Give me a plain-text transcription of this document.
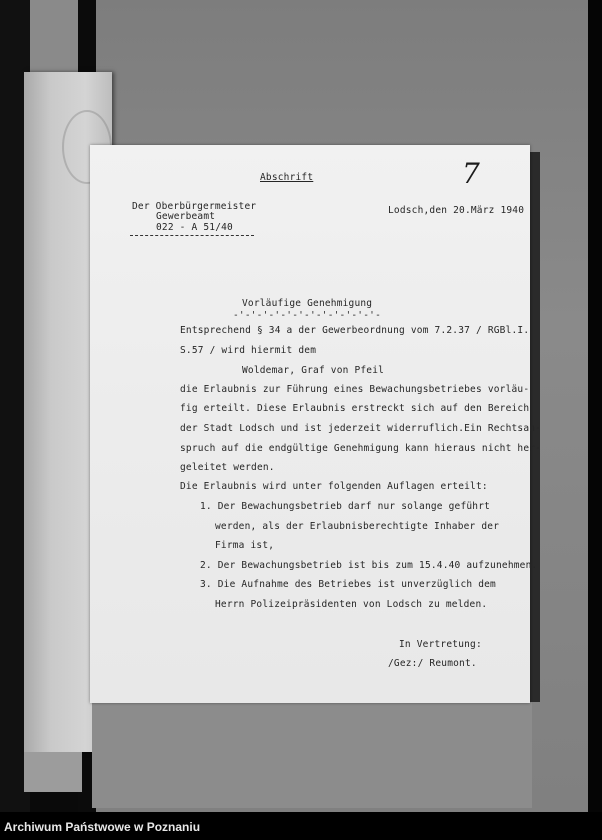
Abschrift	7
Der Oberbürgermeister
Gewerbeamt
022 - A 51/40
Lodsch,den 20.März 1940
Vorläufige Genehmigung
-'-'-'-'-'-'-'-'-'-'-'-'-
Entsprechend § 34 a der Gewerbeordnung vom 7.2.37 / RGBl.I.
S.57 / wird hiermit dem
Woldemar, Graf von Pfeil
die Erlaubnis zur Führung eines Bewachungsbetriebes vorläu-
fig erteilt. Diese Erlaubnis erstreckt sich auf den Bereich
der Stadt Lodsch und ist jederzeit widerruflich.Ein Rechtsan-
spruch auf die endgültige Genehmigung kann hieraus nicht her-
geleitet werden.
Die Erlaubnis wird unter folgenden Auflagen erteilt:
1. Der Bewachungsbetrieb darf nur solange geführt
werden, als der Erlaubnisberechtigte Inhaber der
Firma ist,
2. Der Bewachungsbetrieb ist bis zum 15.4.40 aufzunehmen.
3. Die Aufnahme des Betriebes ist unverzüglich dem
Herrn Polizeipräsidenten von Lodsch zu melden.
In Vertretung:
/Gez:/ Reumont.
Archiwum Państwowe w Poznaniu
